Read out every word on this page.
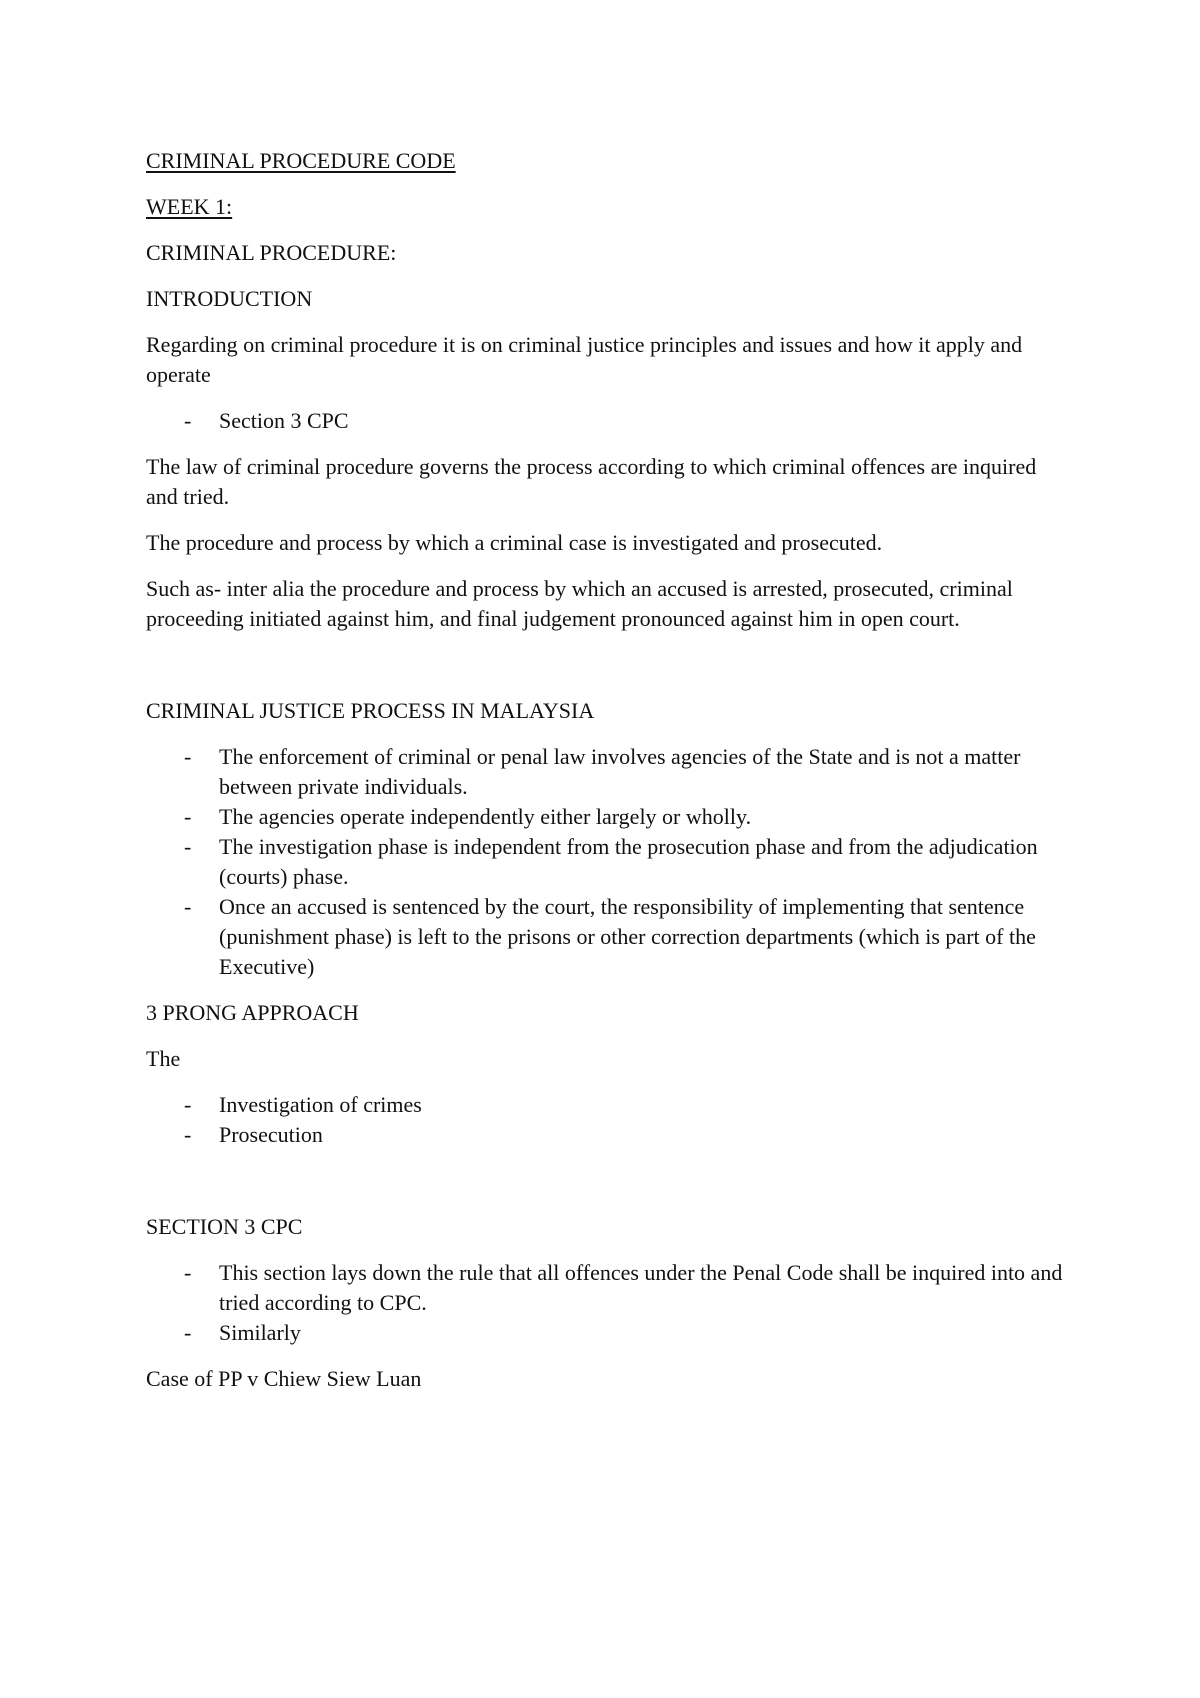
CRIMINAL PROCEDURE CODE

WEEK 1:

CRIMINAL PROCEDURE:

INTRODUCTION

Regarding on criminal procedure it is on criminal justice principles and issues and how it apply and operate

- Section 3 CPC

The law of criminal procedure governs the process according to which criminal offences are inquired and tried.

The procedure and process by which a criminal case is investigated and prosecuted.

Such as- inter alia the procedure and process by which an accused is arrested, prosecuted, criminal proceeding initiated against him, and final judgement pronounced against him in open court.

CRIMINAL JUSTICE PROCESS IN MALAYSIA

- The enforcement of criminal or penal law involves agencies of the State and is not a matter between private individuals.
- The agencies operate independently either largely or wholly.
- The investigation phase is independent from the prosecution phase and from the adjudication (courts) phase.
- Once an accused is sentenced by the court, the responsibility of implementing that sentence (punishment phase) is left to the prisons or other correction departments (which is part of the Executive)

3 PRONG APPROACH

The

- Investigation of crimes
- Prosecution

SECTION 3 CPC

- This section lays down the rule that all offences under the Penal Code shall be inquired into and tried according to CPC.
- Similarly

Case of PP v Chiew Siew Luan
